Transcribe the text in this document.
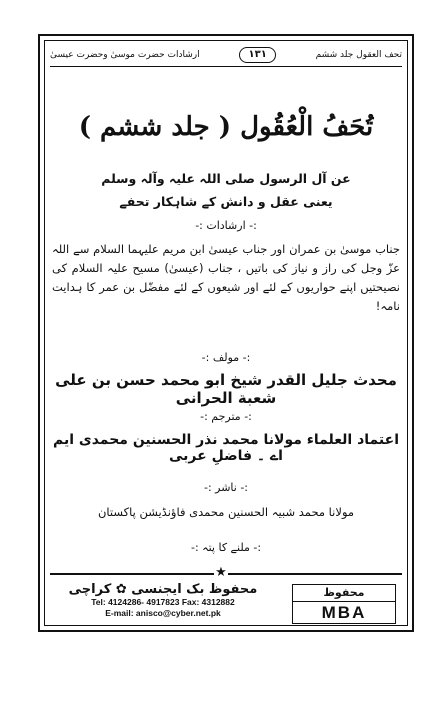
تحف العقول جلد ششم
۱۳۱
ارشادات حضرت موسیٰ وحضرت عیسیٰ
تُحَفُ الْعُقُول ( جلد ششم )
عن آل الرسول صلی اللہ علیہ وآلہ وسلم
یعنی عقل و دانش کے شاہکار تحفے
:- ارشادات :-
جناب موسیٰ بن عمران اور جناب عیسیٰ ابن مریم علیہما السلام سے اللہ عزّ وجل کی راز و نیاز کی باتیں ، جناب (عیسیٰ) مسیح علیہ السلام کی نصیحتیں اپنے حواریوں کے لئے اور شیعوں کے لئے مفضّل بن عمر کا ہدایت نامہ!
:- مولف :-
محدث جلیل القدر شیخ ابو محمد حسن بن علی شعبة الحرانی
:- مترجم :-
اعتماد العلماء مولانا محمد نذر الحسنین محمدی ایم اے ۔ فاضلِ عربی
:- ناشر :-
مولانا محمد شبیہ الحسنین محمدی فاؤنڈیشن پاکستان
:- ملنے کا پتہ :-
★
محفوظ بک ایجنسی ✿ کراچی
Tel: 4124286- 4917823 Fax: 4312882
E-mail: anisco@cyber.net.pk
محفوظ
MBA
